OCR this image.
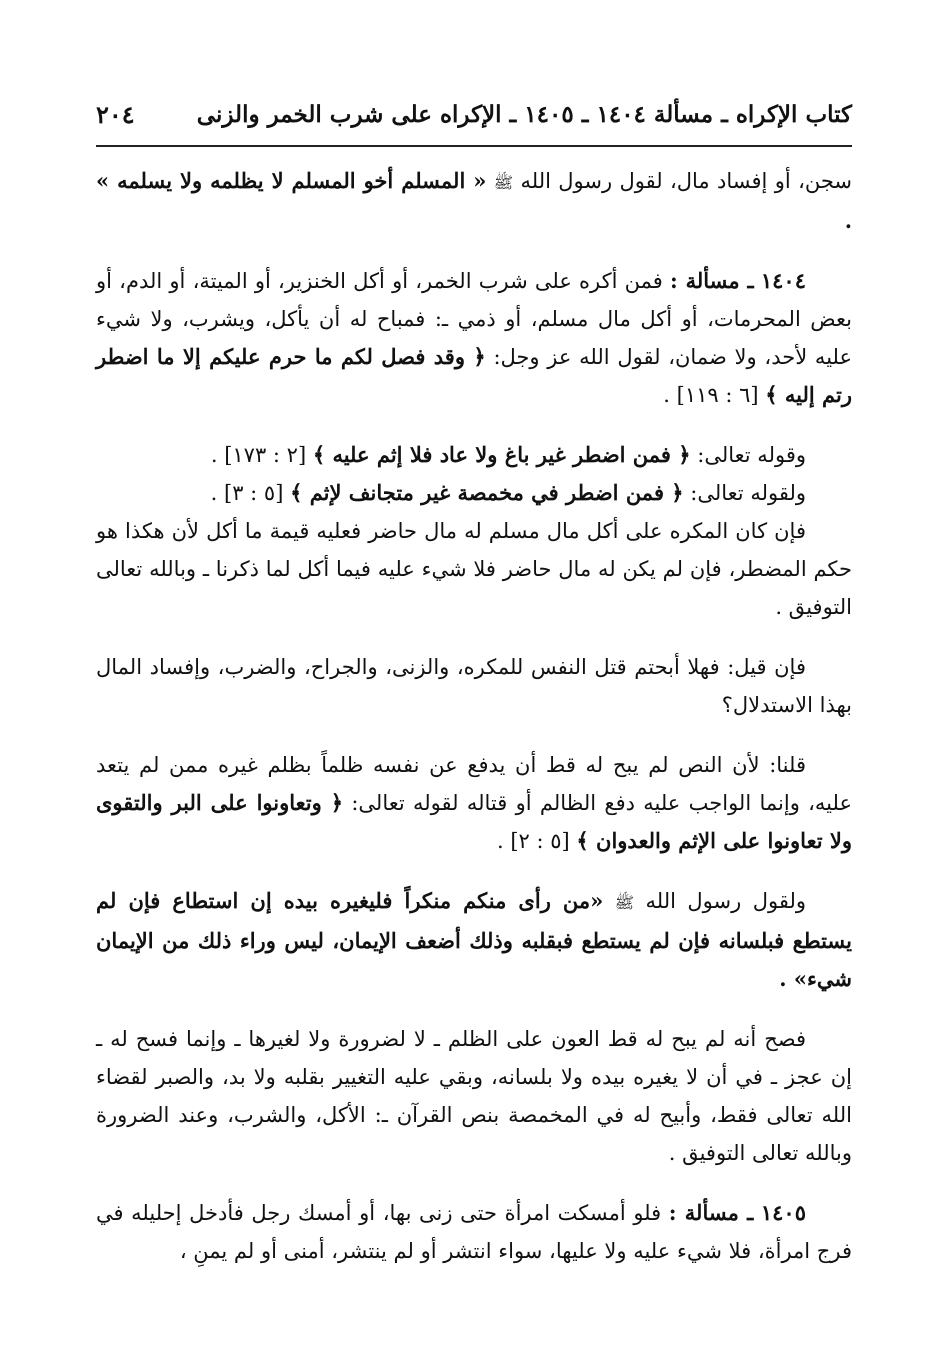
كتاب الإكراه ـ مسألة ١٤٠٤ ـ ١٤٠٥ ـ الإكراه على شرب الخمر والزنى
٢٠٤

سجن، أو إفساد مال، لقول رسول الله ﷺ « المسلم أخو المسلم لا يظلمه ولا يسلمه » .

١٤٠٤ ـ مسألة : فمن أكره على شرب الخمر، أو أكل الخنزير، أو الميتة، أو الدم، أو بعض المحرمات، أو أكل مال مسلم، أو ذمي ـ: فمباح له أن يأكل، ويشرب، ولا شيء عليه لأحد، ولا ضمان، لقول الله عز وجل: ﴿ وقد فصل لكم ما حرم عليكم إلا ما اضطر رتم إليه ﴾ [٦ : ١١٩] .

وقوله تعالى: ﴿ فمن اضطر غير باغ ولا عاد فلا إثم عليه ﴾ [٢ : ١٧٣] .

ولقوله تعالى: ﴿ فمن اضطر في مخمصة غير متجانف لإثم ﴾ [٥ : ٣] .

فإن كان المكره على أكل مال مسلم له مال حاضر فعليه قيمة ما أكل لأن هكذا هو حكم المضطر، فإن لم يكن له مال حاضر فلا شيء عليه فيما أكل لما ذكرنا ـ وبالله تعالى التوفيق .

فإن قيل: فهلا أبحتم قتل النفس للمكره، والزنى، والجراح، والضرب، وإفساد المال بهذا الاستدلال؟

قلنا: لأن النص لم يبح له قط أن يدفع عن نفسه ظلماً بظلم غيره ممن لم يتعد عليه، وإنما الواجب عليه دفع الظالم أو قتاله لقوله تعالى: ﴿ وتعاونوا على البر والتقوى ولا تعاونوا على الإثم والعدوان ﴾ [٥ : ٢] .

ولقول رسول الله ﷺ «من رأى منكم منكراً فليغيره بيده إن استطاع فإن لم يستطع فبلسانه فإن لم يستطع فبقلبه وذلك أضعف الإيمان، ليس وراء ذلك من الإيمان شيء» .

فصح أنه لم يبح له قط العون على الظلم ـ لا لضرورة ولا لغيرها ـ وإنما فسح له ـ إن عجز ـ في أن لا يغيره بيده ولا بلسانه، وبقي عليه التغيير بقلبه ولا بد، والصبر لقضاء الله تعالى فقط، وأبيح له في المخمصة بنص القرآن ـ: الأكل، والشرب، وعند الضرورة وبالله تعالى التوفيق .

١٤٠٥ ـ مسألة : فلو أمسكت امرأة حتى زنى بها، أو أمسك رجل فأدخل إحليله في فرج امرأة، فلا شيء عليه ولا عليها، سواء انتشر أو لم ينتشر، أمنى أو لم يمنِ ،
